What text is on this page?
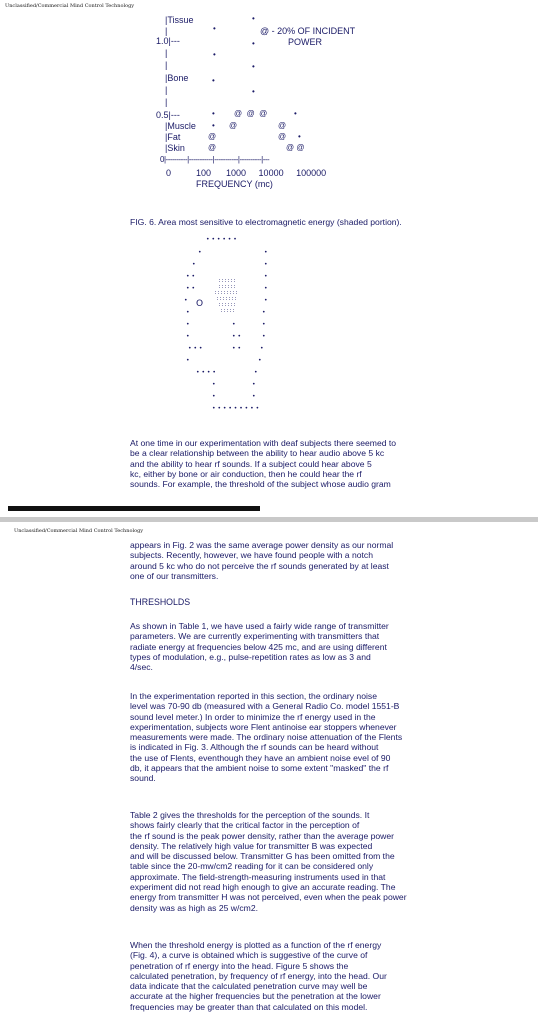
Unclassified/Commercial Mind Control Technology
|Tissue
|
1.0|---
|
|
|Bone
|
|
0.5|---
|Muscle
|Fat
|Skin
0|----------|-----------|-----------|----------|---
0          100      1000     10000     100000
FREQUENCY (mc)
@ - 20% OF INCIDENT
POWER

•

•

•

•

•

•

•

•

@  @  @

	•

•

@

	@

@

	@

•

@

	@ @

FIG. 6. Area most sensitive to electromagnetic energy (shaded portion).
• • • • • •
•	•
•	•
• •	•
• •	•
•	•
•	•
•	•	•
•	• •	•
• • •	• •	•
•	•
• • • •	•
•	•
•	•
• • • • • • • • •
O
::::::
::::::
::::::::
:::::::
::::::
:::::
At one time in our experimentation with deaf subjects there seemed to
be a clear relationship between the ability to hear audio above 5 kc
and the ability to hear rf sounds. If a subject could hear above 5
kc, either by bone or air conduction, then he could hear the rf
sounds. For example, the threshold of the subject whose audio gram
Unclassified/Commercial Mind Control Technology
appears in Fig. 2 was the same average power density as our normal
subjects. Recently, however, we have found people with a notch
around 5 kc who do not perceive the rf sounds generated by at least
one of our transmitters.
THRESHOLDS
As shown in Table 1, we have used a fairly wide range of transmitter
parameters. We are currently experimenting with transmitters that
radiate energy at frequencies below 425 mc, and are using different
types of modulation, e.g., pulse-repetition rates as low as 3 and
4/sec.
In the experimentation reported in this section, the ordinary noise
level was 70-90 db (measured with a General Radio Co. model 1551-B
sound level meter.) In order to minimize the rf energy used in the
experimentation, subjects wore Flent antinoise ear stoppers whenever
measurements were made. The ordinary noise attenuation of the Flents
is indicated in Fig. 3. Although the rf sounds can be heard without
the use of Flents, eventhough they have an ambient noise evel of 90
db, it appears that the ambient noise to some extent "masked" the rf
sound.
Table 2 gives the thresholds for the perception of the sounds. It
shows fairly clearly that the critical factor in the perception of
the rf sound is the peak power density, rather than the average power
density. The relatively high value for transmitter B was expected
and will be discussed below. Transmitter G has been omitted from the
table since the 20-mw/cm2 reading for it can be considered only
approximate. The field-strength-measuring instruments used in that
experiment did not read high enough to give an accurate reading. The
energy from transmitter H was not perceived, even when the peak power
density was as high as 25 w/cm2.
When the threshold energy is plotted as a function of the rf energy
(Fig. 4), a curve is obtained which is suggestive of the curve of
penetration of rf energy into the head. Figure 5 shows the
calculated penetration, by frequency of rf energy, into the head. Our
data indicate that the calculated penetration curve may well be
accurate at the higher frequencies but the penetration at the lower
frequencies may be greater than that calculated on this model.
